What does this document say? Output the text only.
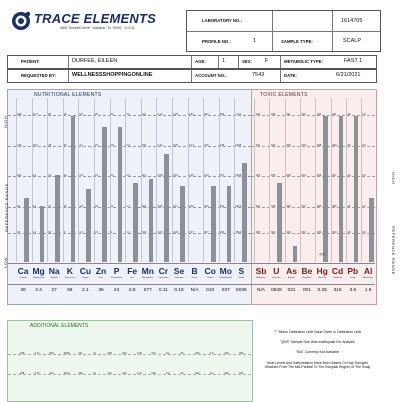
TRACE ELEMENTS
4501 Sunbelt Drive · Addison, Tx 75001 · U.S.A.
LABORATORY NO.:	1614705
PROFILE NO.:	1	SAMPLE TYPE:	SCALP
PATIENT:	DURFEE, EILEEN	AGE:	1	SEX: F	METABOLIC TYPE:	FAST 1
REQUESTED BY:	WELLNESSSHOPPINGONLINE	ACCOUNT NO.:	7543	DATE:	6/21/2021
NUTRITIONAL ELEMENTS	TOXIC ELEMENTS
HIGH
REFERENCE RANGE
LOW
HIGH
REFERENCE RANGE
186
145
104
63
22
Ca
Calcium
30
17.5
13.6
9.4
5.3
1.2
Mg
Magnesium
3.4
65
48
34
21
13
Na
Sodium
27
44
32
24
16
6
K
Potassium
58
5.5
4.1
2.8
1.8
1.3
Cu
Copper
2.1
26
24
21
18
15
Zn
Zinc
36
22
18
14
11
9
P
Phosphorus
24
3.5
2.9
2.3
1.7
1.1
Fe
Iron
2.8
212
162
113
064
015
Mn
Manganese
077
0.14
0.11
0.08
0.06
0.03
Cr
Chromium
0.11
0.25
0.20
0.16
0.11
0.06
Se
Selenium
0.18
1.83
1.44
1.05
0.66
0.27
B
Boron
N/A
020
016
013
010
007
Co
Cobalt
010
059
048
037
026
015
Mo
Molybdenum
037
7141
6235
5328
4421
3513
S
Sulfur
5036
.032
.025
.018
.010
.005
Sb
Antimony
N/A
.049
.042
.035
.028
.021
U
Uranium
0548
.011
.009
.008
.006
.003
As
Arsenic
031
.001
.001
.001
.001
.001
Be
Beryllium
001
.010
.008
.006
.005
.003
<<
Hg
Mercury
0.25
.011
.009
.007
.005
.003
Cd
Cadmium
316
.30
.26
.20
.15
.10
Pb
Lead
3.5
7.0
6.0
5.0
4.0
3.0
Al
Aluminum
1.9
ADDITIONAL ELEMENTS
308	0.41	053	0008	011	12	005	019	0.05	007	01	05	003	0.5	006	005
288	0.37	046	0024	009	10	001	016	0.37	006	0.6	04	002	0.2	006	004
"*" Below Calibration Limit Value Given Is Calibration Limit
"QNS" Sample Size Was Inadequate For Analysis
"N/A" Currently Not Available
Most Levels And Interpretation Have Been Based On Hair Samples Obtained From The Mid-Parietal To The Occipital Region Of The Scalp
